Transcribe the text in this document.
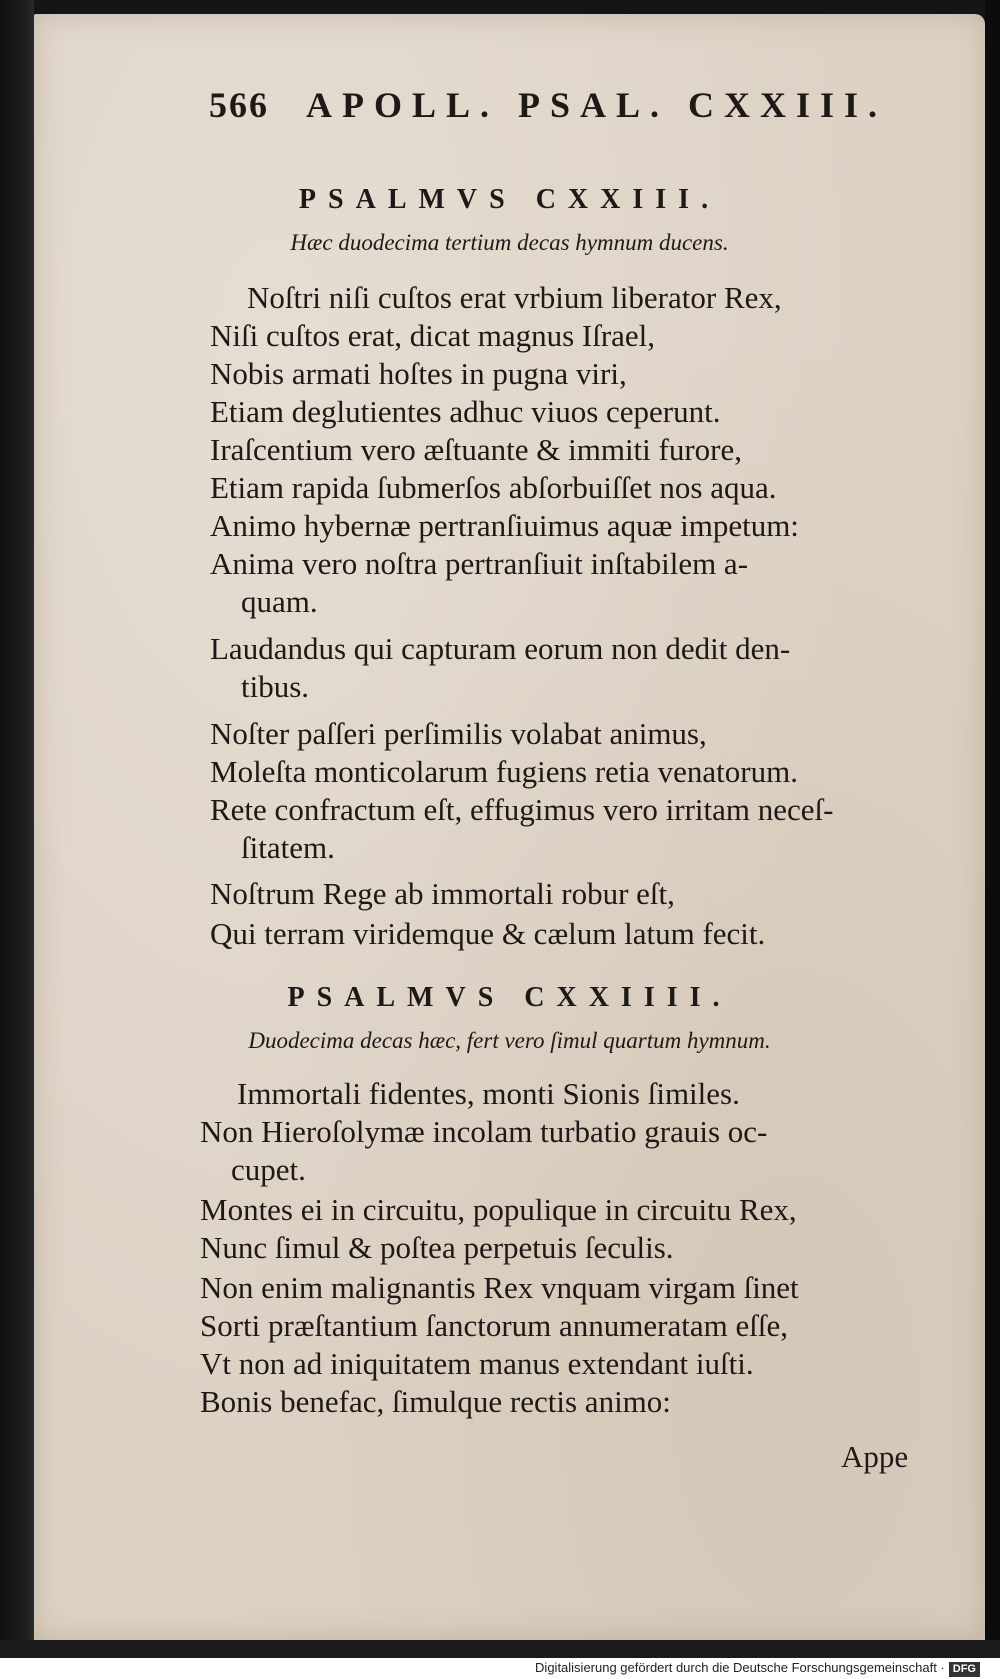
566 APOLL. PSAL. CXXIII.
PSALMVS CXXIII.
Hæc duodecima tertium decas hymnum ducens.
Noſtri niſi cuſtos erat vrbium liberator Rex,
Niſi cuſtos erat, dicat magnus Iſrael,
Nobis armati hoſtes in pugna viri,
Etiam deglutientes adhuc viuos ceperunt.
Iraſcentium vero æſtuante & immiti furore,
Etiam rapida ſubmerſos abſorbuiſſet nos aqua.
Animo hybernæ pertranſiuimus aquæ impetum:
Anima vero noſtra pertranſiuit inſtabilem a-
quam.
Laudandus qui capturam eorum non dedit den-
tibus.
Noſter paſſeri perſimilis volabat animus,
Moleſta monticolarum fugiens retia venatorum.
Rete confractum eſt, effugimus vero irritam neceſ-
ſitatem.
Noſtrum Rege ab immortali robur eſt,
Qui terram viridemque & cælum latum fecit.
PSALMVS CXXIIII.
Duodecima decas hæc, fert vero ſimul quartum hymnum.
Immortali fidentes, monti Sionis ſimiles.
Non Hieroſolymæ incolam turbatio grauis oc-
cupet.
Montes ei in circuitu, populique in circuitu Rex,
Nunc ſimul & poſtea perpetuis ſeculis.
Non enim malignantis Rex vnquam virgam ſinet
Sorti præſtantium ſanctorum annumeratam eſſe,
Vt non ad iniquitatem manus extendant iuſti.
Bonis benefac, ſimulque rectis animo:
Appe
Digitalisierung gefördert durch die Deutsche Forschungsgemeinschaft · DFG
